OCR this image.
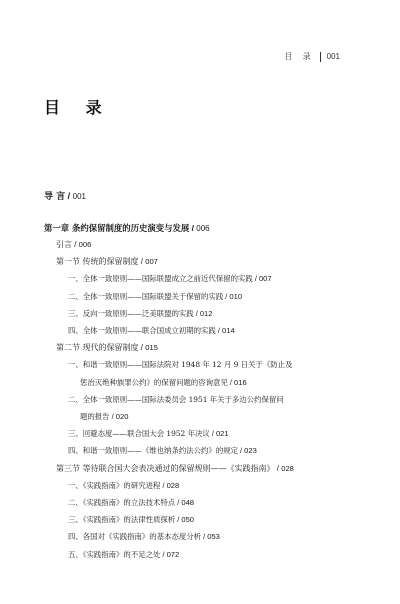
目 录 001
目 录
导 言 / 001
第一章 条约保留制度的历史演变与发展 / 006
引言 / 006
第一节 传统的保留制度 / 007
一、全体一致原则——国际联盟成立之前近代保留的实践 / 007
二、全体一致原则——国际联盟关于保留的实践 / 010
三、反向一致原则——泛美联盟的实践 / 012
四、全体一致原则——联合国成立初期的实践 / 014
第二节 现代的保留制度 / 015
一、和谐一致原则——国际法院对 1948 年 12 月 9 日关于《防止及
惩治灭绝种族罪公约》的保留问题的咨询意见 / 016
二、全体一致原则——国际法委员会 1951 年关于多边公约保留问
题的报告 / 020
三、回避态度——联合国大会 1952 年决议 / 021
四、和谐一致原则——《维也纳条约法公约》的规定 / 023
第三节 等待联合国大会表决通过的保留规则——《实践指南》 / 028
一、《实践指南》的研究进程 / 028
二、《实践指南》的立法技术特点 / 048
三、《实践指南》的法律性质探析 / 050
四、各国对《实践指南》的基本态度分析 / 053
五、《实践指南》的不足之处 / 072
